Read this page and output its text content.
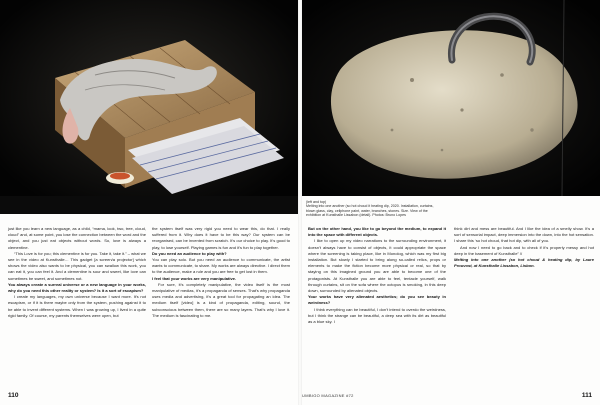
(left and top)

Melting into one another (so hot choud it heating dip, 2020. Installation, curtains,

blown glass, clay, cellphone paint, water, branches, stones. Size. View of the

exhibition at Kunsthalle Lissabon (detail). Photos: Bruno Lopes

just like you learn a new language, as a child, “mama, look, two, tree, cloud, cloud” and, at some point, you lose the connection between the word and the object, and you just eat objects without words. So, love is always a clementine.

“This Love is for you; this clementine is for you. Take it, take it.” – what we see in the video at Kunsthalle… This gadget [a screen/a projector] which shows the video also wants to be physical, you can swallow this work, you can eat it, you can feel it. And a clementine is sour and sweet, like love can sometimes be sweet, and sometimes not.

You always create a surreal universe or a new language in your works, why do you need this other reality or system? Is it a sort of escapism?

I create my languages, my own universe because I want more. It’s not escapism, or if it is there maybe only from the system, pushing against it to be able to invent different systems. When I was growing up, I lived in a quite rigid family. Of course, my parents themselves were open, but

the system itself was very rigid you need to wear this, do that. I really suffered from it. Why does it have to be this way? Our system can be reorganised, can be invented from scratch. It’s our choice to play. It’s good to play, to lose yourself. Playing games is fun and it’s fun to play together.

Do you need an audience to play with?

You can play solo. But you need an audience to communicate, the artist wants to communicate, to share. My works are always directive. I direct them to the audience, make a rule and you are free to get lost in them.

I feel that your works are very manipulative.

For sure, it’s completely manipulative, the video itself is the most manipulative of medias, it’s a propaganda of senses. That’s why propaganda uses media and advertising, it’s a great tool for propagating an idea. The medium itself [video] is a kind of propaganda, editing, sound, the subconscious between them, there are so many layers. That’s why I love it. The medium is fascinating to me.

But on the other hand, you like to go beyond the medium, to expand it into the space with different objects.

I like to open up my video narrations to the surrounding environment, it doesn’t always have to consist of objects, it could appropriate the space where the screening is taking place, like in Monolog, which was my first big installation. But slowly I started to bring along so-called relics, props or elements to make the fiction become more physical or real, so that by staying on this imagined ground you are able to become one of the protagonists. At Kunsthalle you are able to feel, tentacle yourself, walk through curtains, sit on the sofa where the octopus is smoking, in this deep down, surrounded by alienated objects.

Your works have very alienated aesthetics; do you see beauty in weirdness?

I think everything can be beautiful, I don’t intend to overdo the weirdness, but I think the strange can be beautiful, a deep sea with its dirt as beautiful as a blue sky. I

think dirt and mess are beautiful. And I like the idea of a smelly show. It’s a sort of sensorial impact, deep immersion into the down, into the hot sensation. I share this ‘so hot choud, that hot dip, with all of you.

And now I need to go back and to check if it’s properly messy and hot deep in the basement of Kunsthalle” //

Melting into one another (so hot choud & heating dip, by Laure Prouvost, at Kunsthalle Lissabon, Lisbon.

110	UMBIGO MAGAZINE #72	111
